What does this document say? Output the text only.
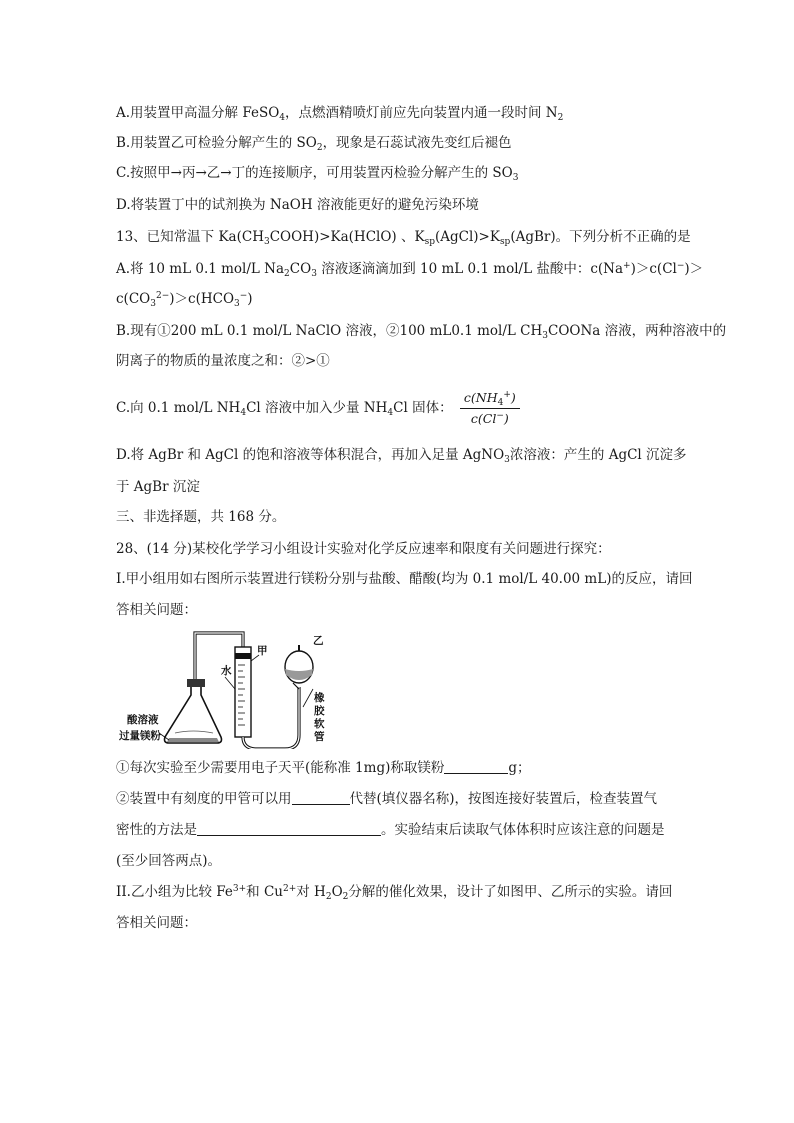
A.用装置甲高温分解 FeSO$_4$，点燃酒精喷灯前应先向装置内通一段时间 $N_2$
B.用装置乙可检验分解产生的 $SO_2$，现象是石蕊试液先变红后褪色
C.按照甲→丙→乙→丁的连接顺序，可用装置丙检验分解产生的 $SO_3$
D.将装置丁中的试剂换为 NaOH 溶液能更好的避免污染环境
13、已知常温下 $Ka(CH_3COOH)>Ka(HClO)$ 、$K_{sp}(AgCl)>K_{sp}(AgBr)$。下列分析不正确的是
A.将 10 mL 0.1 mol/L $Na_2CO_3$ 溶液逐滴滴加到 10 mL 0.1 mol/L 盐酸中：c(Na+)＞c(Cl−)＞
$c(CO_3^{2-})>c(HCO_3^-)$
B.现有①200 mL 0.1 mol/L NaClO 溶液，②100 mL0.1 mol/L $CH_3COONa$ 溶液，两种溶液中的
阴离子的物质的量浓度之和：②>①
C.向 0.1 mol/L $NH_4Cl$ 溶液中加入少量 $NH_4Cl$ 固体： $\frac{c(NH_4^+)}{c(Cl^-)}$
D.将 AgBr 和 AgCl 的饱和溶液等体积混合，再加入足量 AgNO$_3$浓溶液：产生的 AgCl 沉淀多
于 AgBr 沉淀
三、非选择题，共 168 分。
28、(14 分)某校化学学习小组设计实验对化学反应速率和限度有关问题进行探究：
I.甲小组用如右图所示装置进行镁粉分别与盐酸、醋酸(均为 0.1 mol/L 40.00 mL)的反应，请回
答相关问题：
酸溶液
过量镁粉
水
甲
乙
橡
胶
软
管
①每次实验至少需要用电子天平(能称准 1mg)称取镁粉	g；
②装置中有刻度的甲管可以用	代替(填仪器名称)，按图连接好装置后，检查装置气
密性的方法是	。实验结束后读取气体体积时应该注意的问题是
(至少回答两点)。
II.乙小组为比较 $Fe^{3+}$和 $Cu^{2+}$对 $H_2O_2$分解的催化效果，设计了如图甲、乙所示的实验。请回
答相关问题：
